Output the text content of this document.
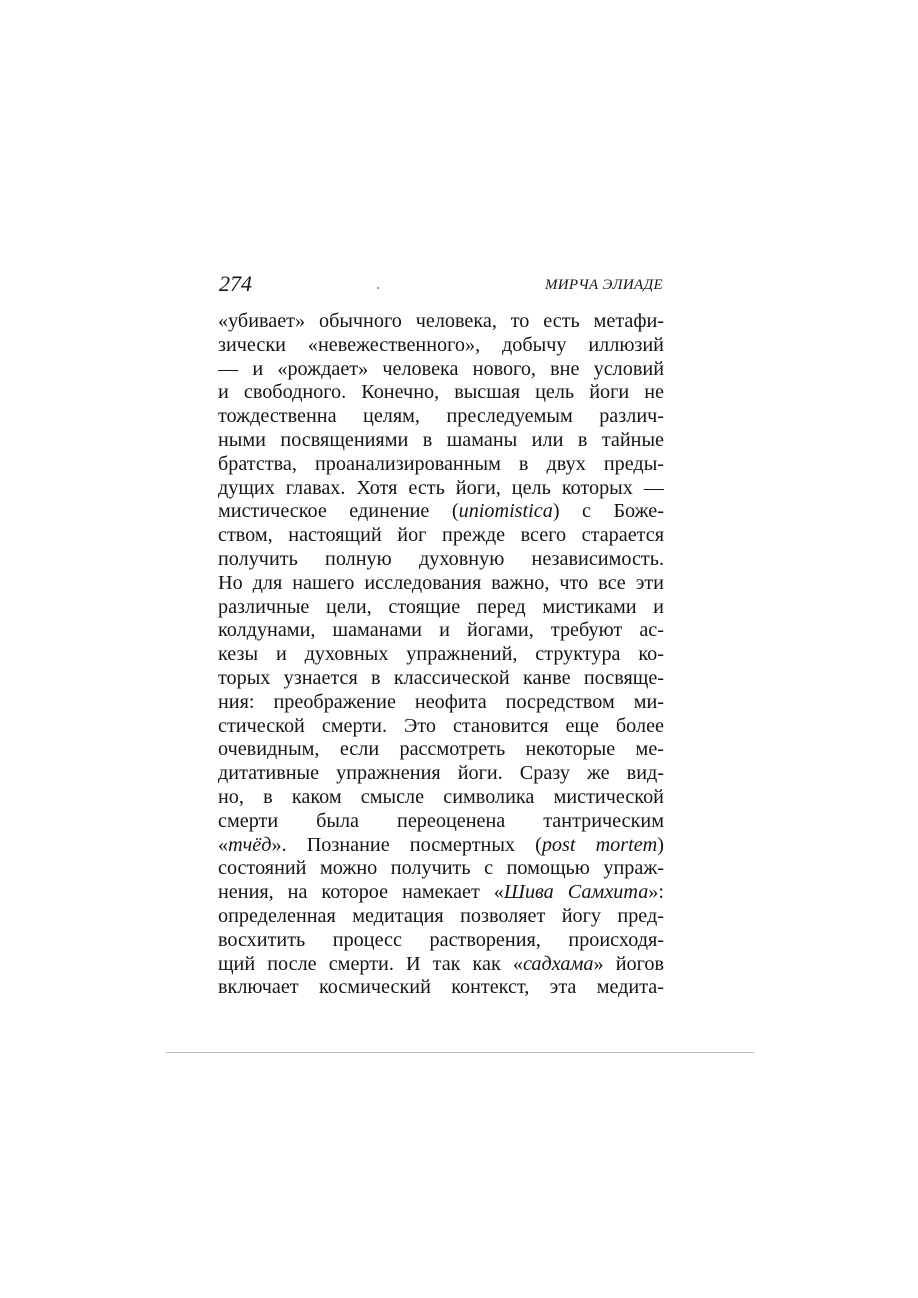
274	МИРЧА ЭЛИАДЕ
«убивает» обычного человека, то есть метафи-
зически «невежественного», добычу иллюзий
— и «рождает» человека нового, вне условий
и свободного. Конечно, высшая цель йоги не
тождественна целям, преследуемым различ-
ными посвящениями в шаманы или в тайные
братства, проанализированным в двух преды-
дущих главах. Хотя есть йоги, цель которых —
мистическое единение (uniomistica) с Боже-
ством, настоящий йог прежде всего старается
получить полную духовную независимость.
Но для нашего исследования важно, что все эти
различные цели, стоящие перед мистиками и
колдунами, шаманами и йогами, требуют ас-
кезы и духовных упражнений, структура ко-
торых узнается в классической канве посвяще-
ния: преображение неофита посредством ми-
стической смерти. Это становится еще более
очевидным, если рассмотреть некоторые ме-
дитативные упражнения йоги. Сразу же вид-
но, в каком смысле символика мистической
смерти была переоценена тантрическим
«тчёд». Познание посмертных (post mortem)
состояний можно получить с помощью упраж-
нения, на которое намекает «Шива Самхита»:
определенная медитация позволяет йогу пред-
восхитить процесс растворения, происходя-
щий после смерти. И так как «садхама» йогов
включает космический контекст, эта медита-
